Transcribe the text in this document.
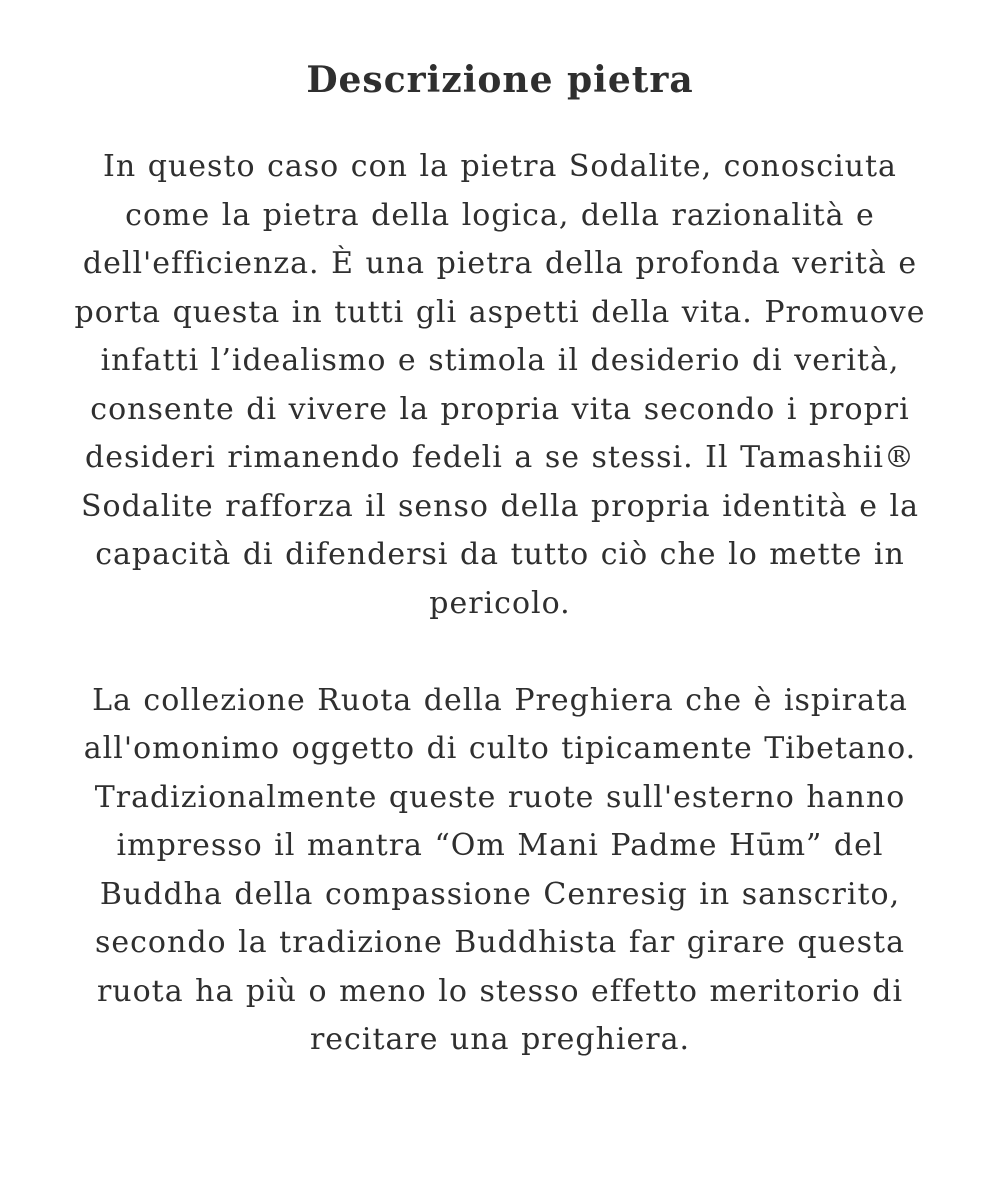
Descrizione pietra

In questo caso con la pietra Sodalite, conosciuta
come la pietra della logica, della razionalità e
dell'efficienza. È una pietra della profonda verità e
porta questa in tutti gli aspetti della vita. Promuove
infatti l’idealismo e stimola il desiderio di verità,
consente di vivere la propria vita secondo i propri
desideri rimanendo fedeli a se stessi. Il Tamashii®
Sodalite rafforza il senso della propria identità e la
capacità di difendersi da tutto ciò che lo mette in
pericolo.

La collezione Ruota della Preghiera che è ispirata
all'omonimo oggetto di culto tipicamente Tibetano.
Tradizionalmente queste ruote sull'esterno hanno
impresso il mantra “Om Mani Padme Hūm” del
Buddha della compassione Cenresig in sanscrito,
secondo la tradizione Buddhista far girare questa
ruota ha più o meno lo stesso effetto meritorio di
recitare una preghiera.
